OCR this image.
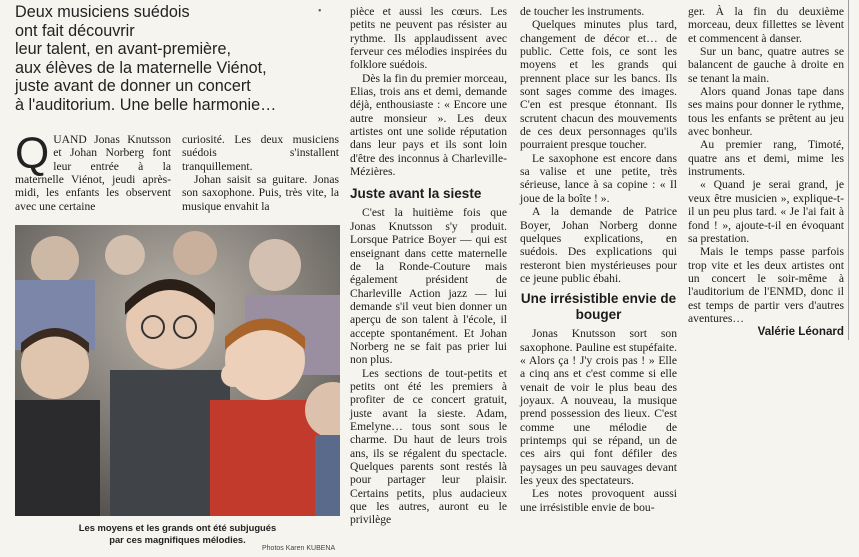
Deux musiciens suédois
ont fait découvrir
leur talent, en avant-première,
aux élèves de la maternelle Viénot,
juste avant de donner un concert
à l'auditorium. Une belle harmonie…
•

QUAND Jonas Knutsson et Johan Norberg font leur entrée à la maternelle Viénot, jeudi après-midi, les enfants les observent avec une certaine

curiosité. Les deux musiciens suédois s'installent tranquillement.

Johan saisit sa guitare. Jonas son saxophone. Puis, très vite, la musique envahit la

Les moyens et les grands ont été subjugués
par ces magnifiques mélodies.
Photos Karen KUBENA

pièce et aussi les cœurs. Les petits ne peuvent pas résister au rythme. Ils applaudissent avec ferveur ces mélodies inspirées du folklore suédois.

Dès la fin du premier morceau, Elias, trois ans et demi, demande déjà, enthousiaste : « Encore une autre monsieur ». Les deux artistes ont une solide réputation dans leur pays et ils sont loin d'être des inconnus à Charleville-Mézières.

Juste avant la sieste

C'est la huitième fois que Jonas Knutsson s'y produit. Lorsque Patrice Boyer — qui est enseignant dans cette maternelle de la Ronde-Couture mais également président de Charleville Action jazz — lui demande s'il veut bien donner un aperçu de son talent à l'école, il accepte spontanément. Et Johan Norberg ne se fait pas prier lui non plus.

Les sections de tout-petits et petits ont été les premiers à profiter de ce concert gratuit, juste avant la sieste. Adam, Emelyne… tous sont sous le charme. Du haut de leurs trois ans, ils se régalent du spectacle. Quelques parents sont restés là pour partager leur plaisir. Certains petits, plus audacieux que les autres, auront eu le privilège

de toucher les instruments.

Quelques minutes plus tard, changement de décor et… de public. Cette fois, ce sont les moyens et les grands qui prennent place sur les bancs. Ils sont sages comme des images. C'en est presque étonnant. Ils scrutent chacun des mouvements de ces deux personnages qu'ils pourraient presque toucher.

Le saxophone est encore dans sa valise et une petite, très sérieuse, lance à sa copine : « Il joue de la boîte ! ».

A la demande de Patrice Boyer, Johan Norberg donne quelques explications, en suédois. Des explications qui resteront bien mystérieuses pour ce jeune public ébahi.

Une irrésistible envie de bouger

Jonas Knutsson sort son saxophone. Pauline est stupéfaite. « Alors ça ! J'y crois pas ! » Elle a cinq ans et c'est comme si elle venait de voir le plus beau des joyaux. A nouveau, la musique prend possession des lieux. C'est comme une mélodie de printemps qui se répand, un de ces airs qui font défiler des paysages un peu sauvages devant les yeux des spectateurs.

Les notes provoquent aussi une irrésistible envie de bou-

ger. À la fin du deuxième morceau, deux fillettes se lèvent et commencent à danser.

Sur un banc, quatre autres se balancent de gauche à droite en se tenant la main.

Alors quand Jonas tape dans ses mains pour donner le rythme, tous les enfants se prêtent au jeu avec bonheur.

Au premier rang, Timoté, quatre ans et demi, mime les instruments.

« Quand je serai grand, je veux être musicien », explique-t-il un peu plus tard. « Je l'ai fait à fond ! », ajoute-t-il en évoquant sa prestation.

Mais le temps passe parfois trop vite et les deux artistes ont un concert le soir-même à l'auditorium de l'ENMD, donc il est temps de partir vers d'autres aventures…

Valérie Léonard
